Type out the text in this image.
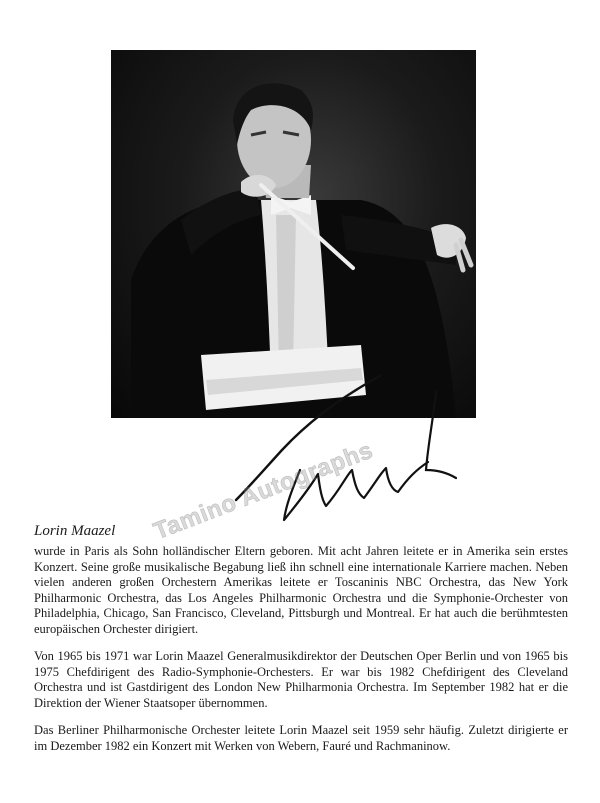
Tamino Autographs
Lorin Maazel

wurde in Paris als Sohn holländischer Eltern geboren. Mit acht Jahren leitete er in Amerika sein erstes Konzert. Seine große musikalische Begabung ließ ihn schnell eine internationale Karriere machen. Neben vielen anderen großen Orchestern Amerikas leitete er Toscaninis NBC Orchestra, das New York Philharmonic Orchestra, das Los Angeles Philharmonic Orchestra und die Symphonie-Orchester von Philadelphia, Chicago, San Francisco, Cleveland, Pittsburgh und Montreal. Er hat auch die berühmtesten europäischen Orchester dirigiert.

Von 1965 bis 1971 war Lorin Maazel Generalmusikdirektor der Deutschen Oper Berlin und von 1965 bis 1975 Chefdirigent des Radio-Symphonie-Orchesters. Er war bis 1982 Chefdirigent des Cleveland Orchestra und ist Gastdirigent des London New Philharmonia Orchestra. Im September 1982 hat er die Direktion der Wiener Staatsoper übernommen.

Das Berliner Philharmonische Orchester leitete Lorin Maazel seit 1959 sehr häufig. Zuletzt dirigierte er im Dezember 1982 ein Konzert mit Werken von Webern, Fauré und Rachmaninow.
